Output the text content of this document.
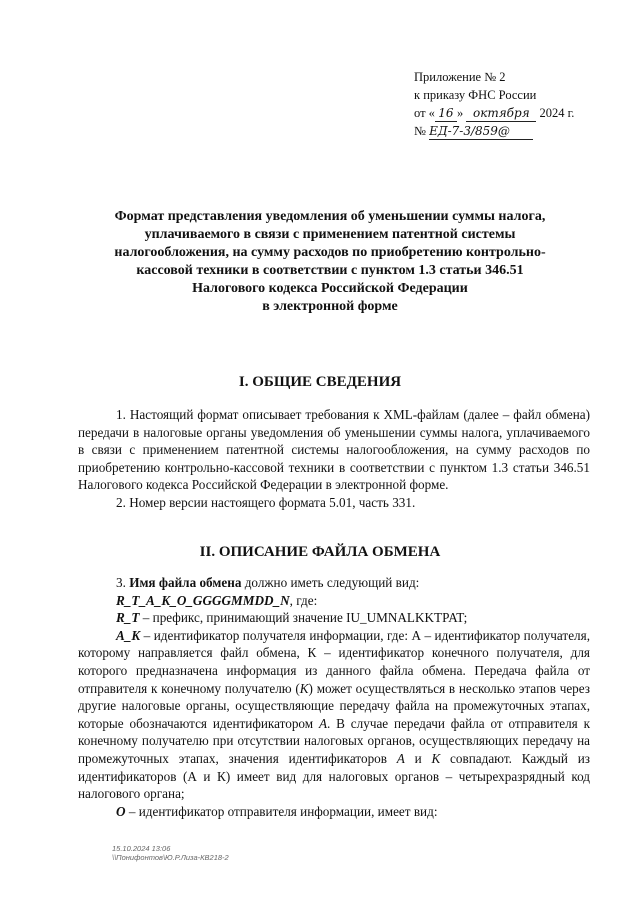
Приложение № 2
к приказу ФНС России
от « 16 » октября 2024 г.
№ ЕД-7-3/859@
Формат представления уведомления об уменьшении суммы налога,
уплачиваемого в связи с применением патентной системы
налогообложения, на сумму расходов по приобретению контрольно-
кассовой техники в соответствии с пунктом 1.3 статьи 346.51
Налогового кодекса Российской Федерации
в электронной форме
I. ОБЩИЕ СВЕДЕНИЯ

1. Настоящий формат описывает требования к XML-файлам (далее – файл обмена) передачи в налоговые органы уведомления об уменьшении суммы налога, уплачиваемого в связи с применением патентной системы налогообложения, на сумму расходов по приобретению контрольно-кассовой техники в соответствии с пунктом 1.3 статьи 346.51 Налогового кодекса Российской Федерации в электронной форме.

2. Номер версии настоящего формата 5.01, часть 331.

II. ОПИСАНИЕ ФАЙЛА ОБМЕНА

3. Имя файла обмена должно иметь следующий вид:

R_T_A_K_O_GGGGMMDD_N, где:

R_T – префикс, принимающий значение IU_UMNALKKTPAT;

A_K – идентификатор получателя информации, где: А – идентификатор получателя, которому направляется файл обмена, К – идентификатор конечного получателя, для которого предназначена информация из данного файла обмена. Передача файла от отправителя к конечному получателю (К) может осуществляться в несколько этапов через другие налоговые органы, осуществляющие передачу файла на промежуточных этапах, которые обозначаются идентификатором А. В случае передачи файла от отправителя к конечному получателю при отсутствии налоговых органов, осуществляющих передачу на промежуточных этапах, значения идентификаторов А и К совпадают. Каждый из идентификаторов (А и К) имеет вид для налоговых органов – четырехразрядный код налогового органа;

O – идентификатор отправителя информации, имеет вид:

15.10.2024 13:06
\\Понифонтов\Ю.Р.Лиза-КВ218-2
